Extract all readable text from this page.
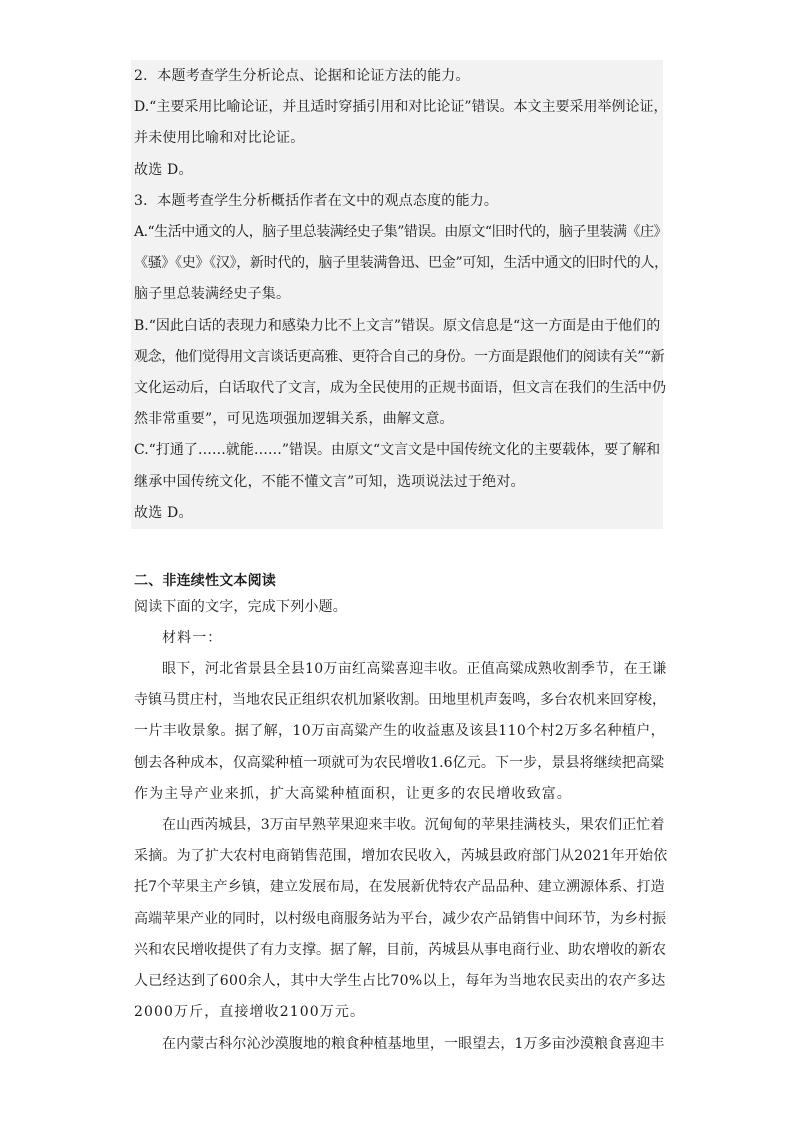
2．本题考查学生分析论点、论据和论证方法的能力。
D.“主要采用比喻论证，并且适时穿插引用和对比论证”错误。本文主要采用举例论证，
并未使用比喻和对比论证。
故选 D。
3．本题考查学生分析概括作者在文中的观点态度的能力。
A.“生活中通文的人，脑子里总装满经史子集”错误。由原文“旧时代的，脑子里装满《庄》
《骚》《史》《汉》，新时代的，脑子里装满鲁迅、巴金”可知，生活中通文的旧时代的人，
脑子里总装满经史子集。
B.“因此白话的表现力和感染力比不上文言”错误。原文信息是“这一方面是由于他们的
观念，他们觉得用文言谈话更高雅、更符合自己的身份。一方面是跟他们的阅读有关”“新
文化运动后，白话取代了文言，成为全民使用的正规书面语，但文言在我们的生活中仍
然非常重要”，可见选项强加逻辑关系，曲解文意。
C.“打通了……就能……”错误。由原文“文言文是中国传统文化的主要载体，要了解和
继承中国传统文化，不能不懂文言”可知，选项说法过于绝对。
故选 D。
二、非连续性文本阅读
阅读下面的文字，完成下列小题。
材料一：
眼下，河北省景县全县10万亩红高粱喜迎丰收。正值高粱成熟收割季节，在王谦
寺镇马贯庄村，当地农民正组织农机加紧收割。田地里机声轰鸣，多台农机来回穿梭，
一片丰收景象。据了解，10万亩高粱产生的收益惠及该县110个村2万多名种植户，
刨去各种成本，仅高粱种植一项就可为农民增收1.6亿元。下一步，景县将继续把高粱
作为主导产业来抓，扩大高粱种植面积，让更多的农民增收致富。
在山西芮城县，3万亩早熟苹果迎来丰收。沉甸甸的苹果挂满枝头，果农们正忙着
采摘。为了扩大农村电商销售范围，增加农民收入，芮城县政府部门从2021年开始依
托7个苹果主产乡镇，建立发展布局，在发展新优特农产品品种、建立溯源体系、打造
高端苹果产业的同时，以村级电商服务站为平台，减少农产品销售中间环节，为乡村振
兴和农民增收提供了有力支撑。据了解，目前，芮城县从事电商行业、助农增收的新农
人已经达到了600余人，其中大学生占比70%以上，每年为当地农民卖出的农产多达
2000万斤，直接增收2100万元。
在内蒙古科尔沁沙漠腹地的粮食种植基地里，一眼望去，1万多亩沙漠粮食喜迎丰
